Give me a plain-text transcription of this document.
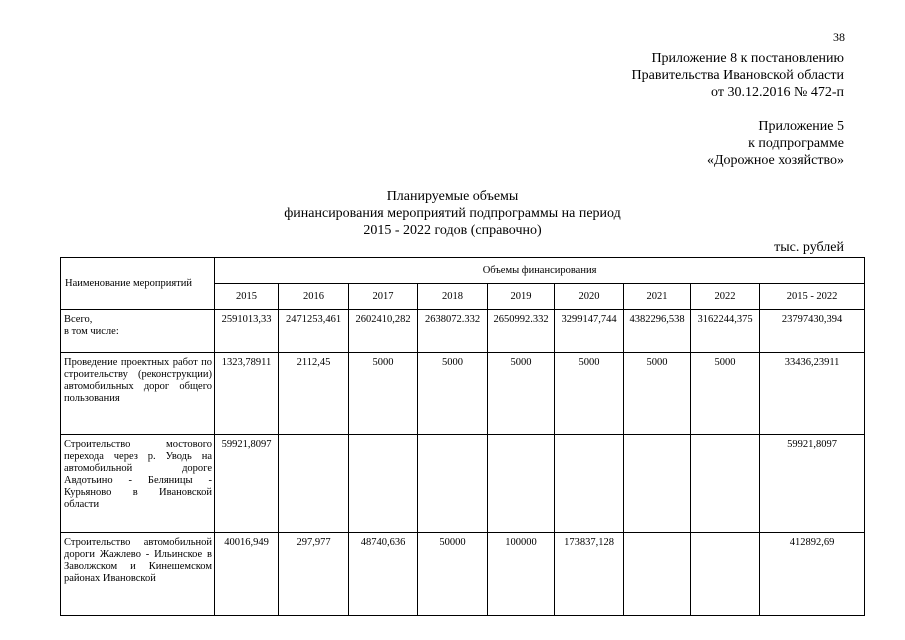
38
Приложение 8 к постановлению
Правительства Ивановской области
от 30.12.2016 № 472-п
Приложение 5
к подпрограмме
«Дорожное хозяйство»
Планируемые объемы
финансирования мероприятий подпрограммы на период
2015 - 2022 годов (справочно)
тыс. рублей
Наименование мероприятий	Объемы финансирования								
	2015	2016	2017	2018	2019	2020	2021	2022	2015 - 2022
Всего,
в том числе:	2591013,33	2471253,461	2602410,282	2638072.332	2650992.332	3299147,744	4382296,538	3162244,375	23797430,394
Проведение проектных работ по строительству (реконструкции) автомобильных дорог общего пользования	1323,78911	2112,45	5000	5000	5000	5000	5000	5000	33436,23911
Строительство мостового перехода через р. Уводь на автомобильной дороге Авдотьино - Беляницы - Курьяново в Ивановской области	59921,8097								59921,8097
Строительство автомобильной дороги Жажлево - Ильинское в Заволжском и Кинешемском районах Ивановской	40016,949	297,977	48740,636	50000	100000	173837,128			412892,69
